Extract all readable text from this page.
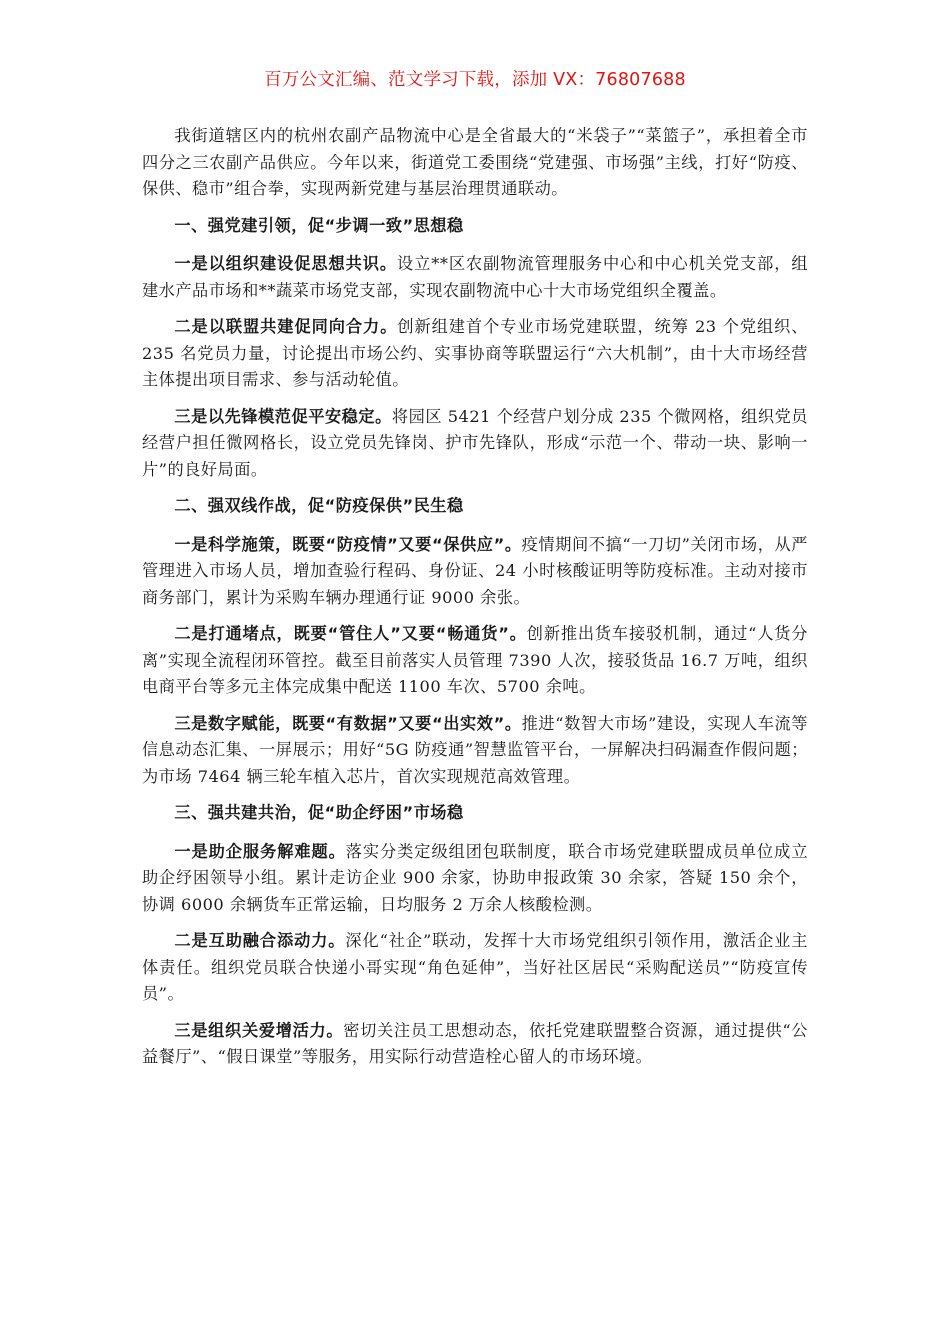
百万公文汇编、范文学习下载，添加 VX：76807688

我街道辖区内的杭州农副产品物流中心是全省最大的“米袋子”“菜篮子”，承担着全市四分之三农副产品供应。今年以来，街道党工委围绕“党建强、市场强”主线，打好“防疫、保供、稳市”组合拳，实现两新党建与基层治理贯通联动。

一、强党建引领，促“步调一致”思想稳

一是以组织建设促思想共识。设立**区农副物流管理服务中心和中心机关党支部，组建水产品市场和**蔬菜市场党支部，实现农副物流中心十大市场党组织全覆盖。

二是以联盟共建促同向合力。创新组建首个专业市场党建联盟，统筹 23 个党组织、235 名党员力量，讨论提出市场公约、实事协商等联盟运行“六大机制”，由十大市场经营主体提出项目需求、参与活动轮值。

三是以先锋模范促平安稳定。将园区 5421 个经营户划分成 235 个微网格，组织党员经营户担任微网格长，设立党员先锋岗、护市先锋队，形成“示范一个、带动一块、影响一片”的良好局面。

二、强双线作战，促“防疫保供”民生稳

一是科学施策，既要“防疫情”又要“保供应”。疫情期间不搞“一刀切”关闭市场，从严管理进入市场人员，增加查验行程码、身份证、24 小时核酸证明等防疫标准。主动对接市商务部门，累计为采购车辆办理通行证 9000 余张。

二是打通堵点，既要“管住人”又要“畅通货”。创新推出货车接驳机制，通过“人货分离”实现全流程闭环管控。截至目前落实人员管理 7390 人次，接驳货品 16.7 万吨，组织电商平台等多元主体完成集中配送 1100 车次、5700 余吨。

三是数字赋能，既要“有数据”又要“出实效”。推进“数智大市场”建设，实现人车流等信息动态汇集、一屏展示；用好“5G 防疫通”智慧监管平台，一屏解决扫码漏查作假问题；为市场 7464 辆三轮车植入芯片，首次实现规范高效管理。

三、强共建共治，促“助企纾困”市场稳

一是助企服务解难题。落实分类定级组团包联制度，联合市场党建联盟成员单位成立助企纾困领导小组。累计走访企业 900 余家，协助申报政策 30 余家，答疑 150 余个，协调 6000 余辆货车正常运输，日均服务 2 万余人核酸检测。

二是互助融合添动力。深化“社企”联动，发挥十大市场党组织引领作用，激活企业主体责任。组织党员联合快递小哥实现“角色延伸”，当好社区居民“采购配送员”“防疫宣传员”。

三是组织关爱增活力。密切关注员工思想动态，依托党建联盟整合资源，通过提供“公益餐厅”、“假日课堂”等服务，用实际行动营造栓心留人的市场环境。
